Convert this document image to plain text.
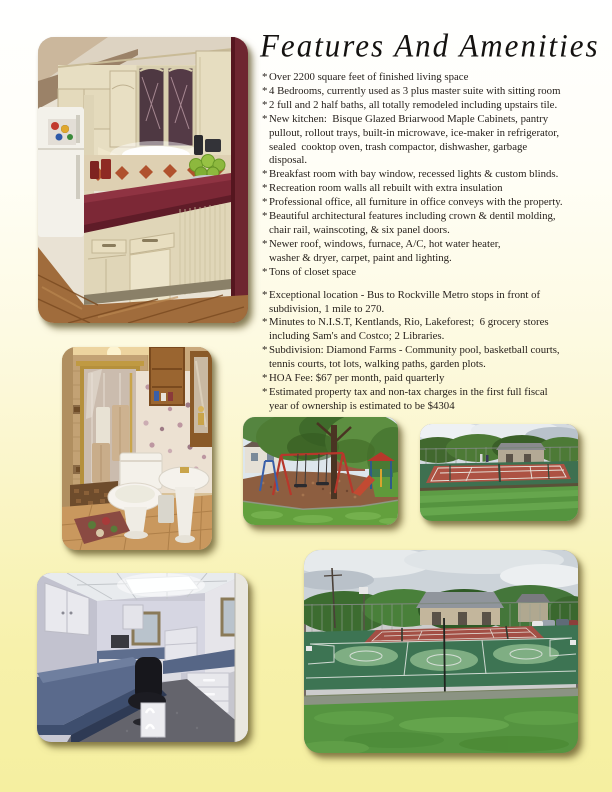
Features And Amenities
* Over 2200 square feet of finished living space
* 4 Bedrooms, currently used as 3 plus master suite with sitting room
* 2 full and 2 half baths, all totally remodeled including upstairs tile.
* New kitchen:  Bisque Glazed Briarwood Maple Cabinets, pantry
pullout, rollout trays, built-in microwave, ice-maker in refrigerator,
sealed  cooktop oven, trash compactor, dishwasher, garbage
disposal.
* Breakfast room with bay window, recessed lights & custom blinds.
* Recreation room walls all rebuilt with extra insulation
* Professional office, all furniture in office conveys with the property.
* Beautiful architectural features including crown & dentil molding,
chair rail, wainscoting, & six panel doors.
* Newer roof, windows, furnace, A/C, hot water heater,
washer & dryer, carpet, paint and lighting.
* Tons of closet space
* Exceptional location - Bus to Rockville Metro stops in front of
subdivision, 1 mile to 270.
* Minutes to N.I.S.T, Kentlands, Rio, Lakeforest;  6 grocery stores
including Sam's and Costco; 2 Libraries.
* Subdivision: Diamond Farms - Community pool, basketball courts,
tennis courts, tot lots, walking paths, garden plots.
* HOA Fee: $67 per month, paid quarterly
* Estimated property tax and non-tax charges in the first full fiscal
year of ownership is estimated to be $4304
